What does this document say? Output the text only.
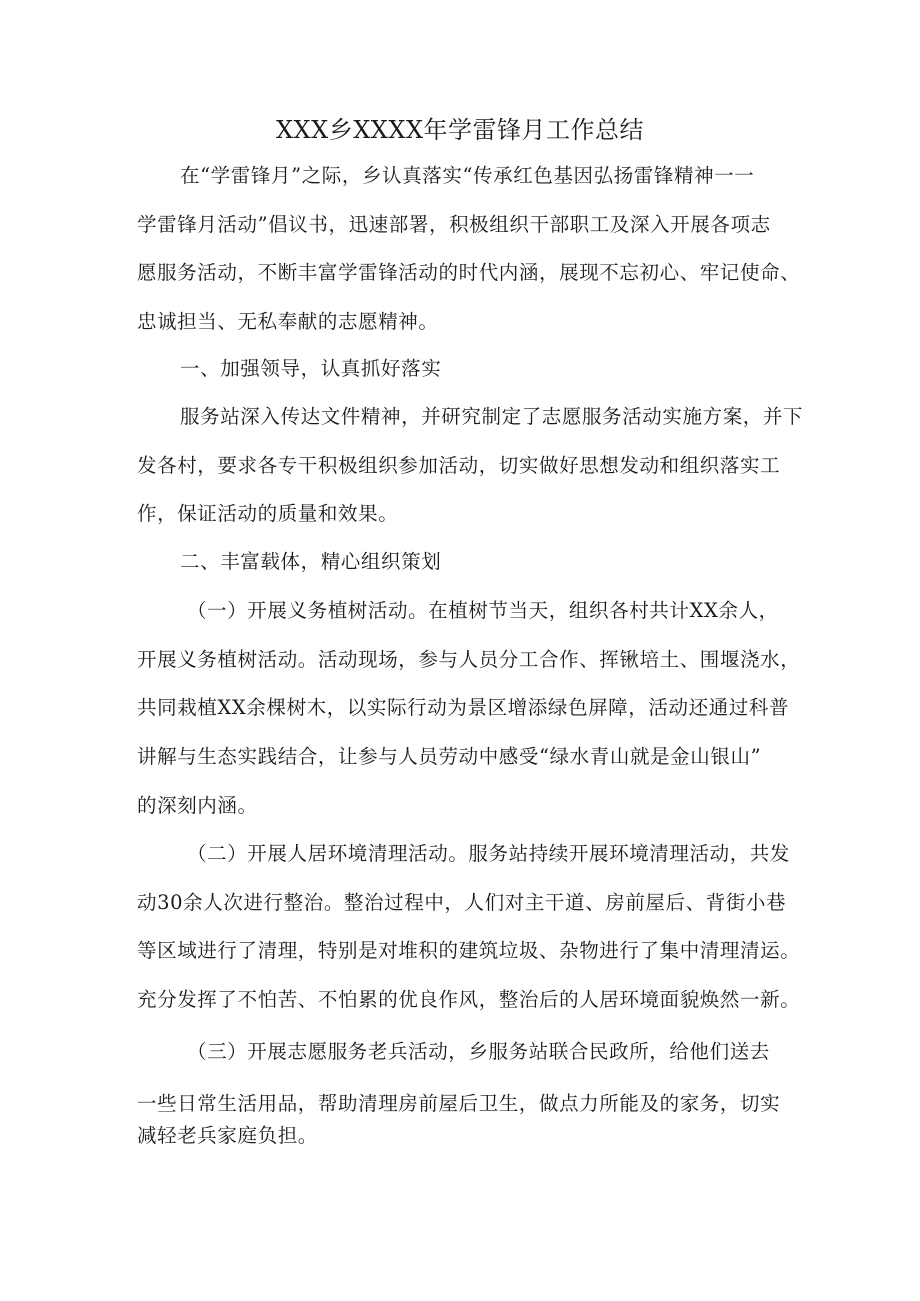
XXX乡XXXX年学雷锋月工作总结
在“学雷锋月”之际，乡认真落实“传承红色基因弘扬雷锋精神一一
学雷锋月活动”倡议书，迅速部署，积极组织干部职工及深入开展各项志
愿服务活动，不断丰富学雷锋活动的时代内涵，展现不忘初心、牢记使命、
忠诚担当、无私奉献的志愿精神。
一、加强领导，认真抓好落实
服务站深入传达文件精神，并研究制定了志愿服务活动实施方案，并下
发各村，要求各专干积极组织参加活动，切实做好思想发动和组织落实工
作，保证活动的质量和效果。
二、丰富载体，精心组织策划
（一）开展义务植树活动。在植树节当天，组织各村共计XX余人，
开展义务植树活动。活动现场，参与人员分工合作、挥锹培土、围堰浇水，
共同栽植XX余棵树木，以实际行动为景区增添绿色屏障，活动还通过科普
讲解与生态实践结合，让参与人员劳动中感受“绿水青山就是金山银山”
的深刻内涵。
（二）开展人居环境清理活动。服务站持续开展环境清理活动，共发
动30余人次进行整治。整治过程中，人们对主干道、房前屋后、背街小巷
等区域进行了清理，特别是对堆积的建筑垃圾、杂物进行了集中清理清运。
充分发挥了不怕苦、不怕累的优良作风，整治后的人居环境面貌焕然一新。
（三）开展志愿服务老兵活动，乡服务站联合民政所，给他们送去
一些日常生活用品，帮助清理房前屋后卫生，做点力所能及的家务，切实
减轻老兵家庭负担。
